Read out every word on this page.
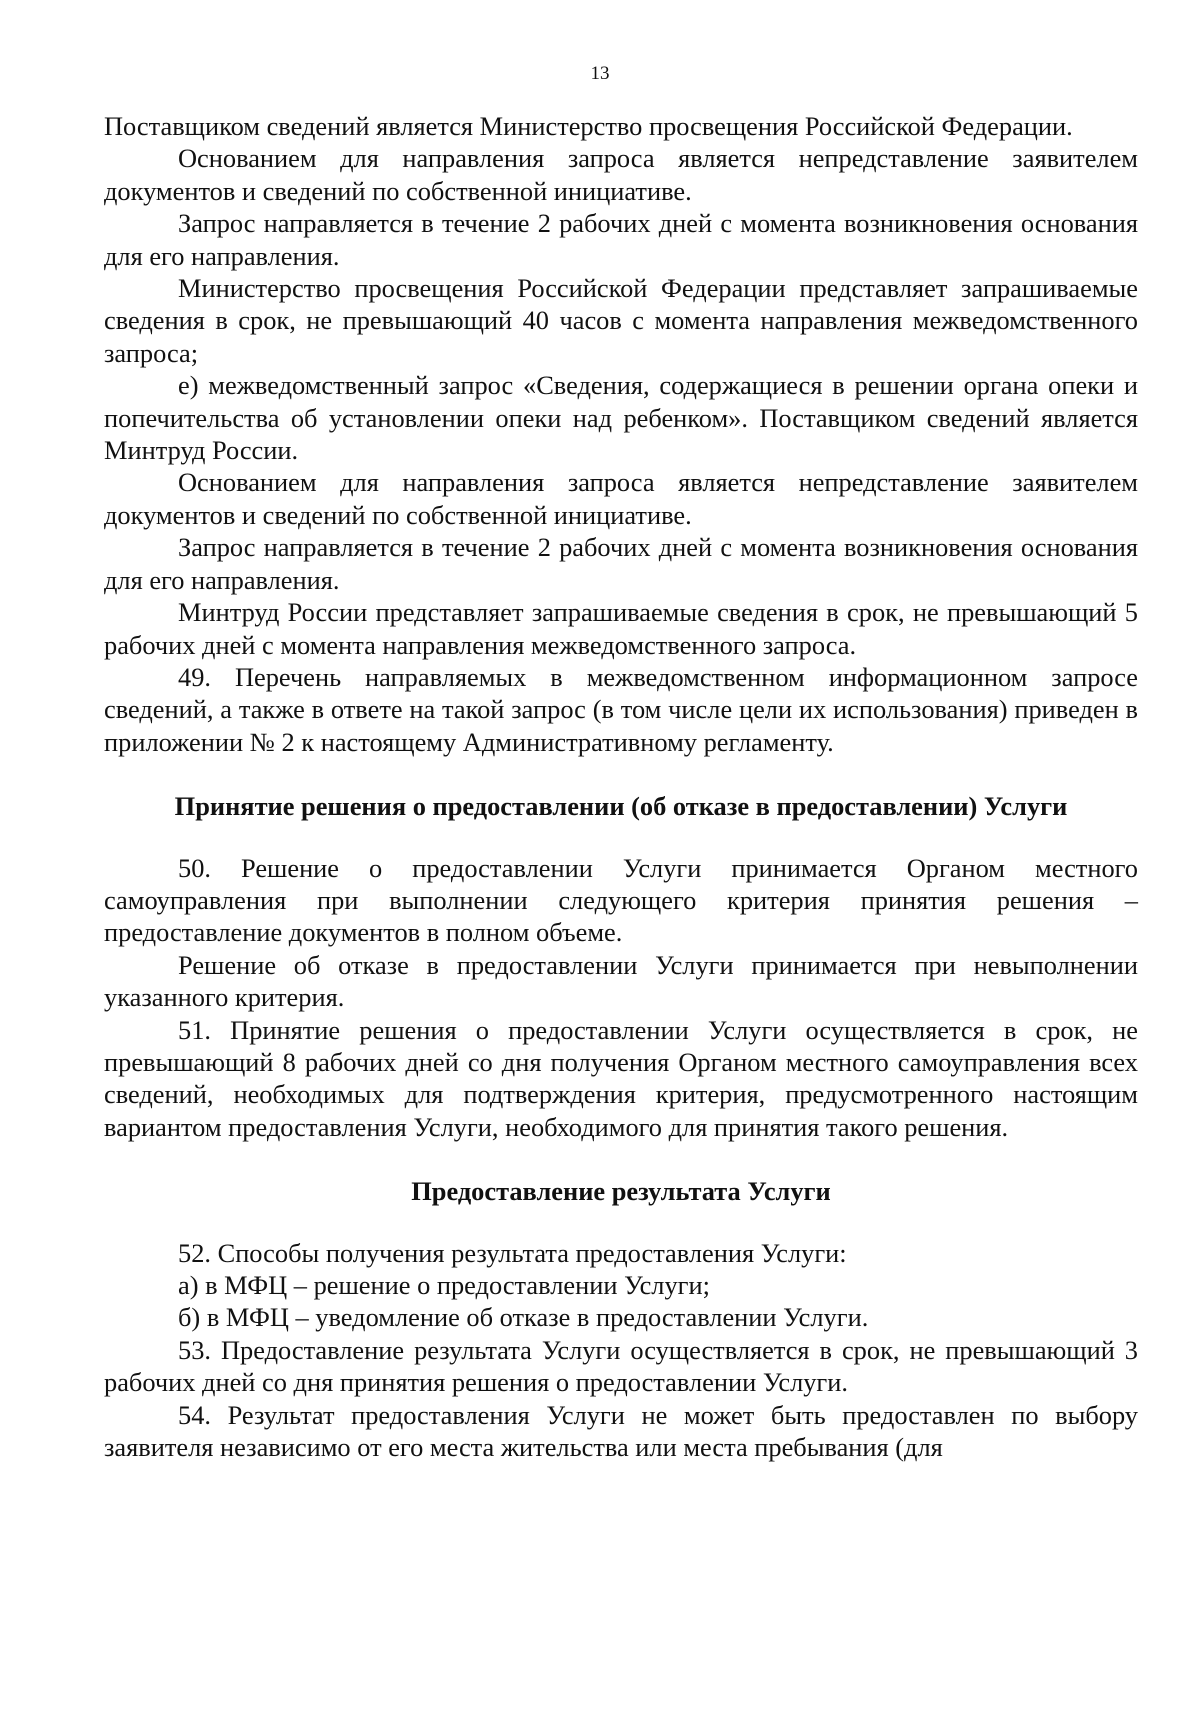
13

Поставщиком сведений является Министерство просвещения Российской Федерации.

Основанием для направления запроса является непредставление заявителем документов и сведений по собственной инициативе.

Запрос направляется в течение 2 рабочих дней с момента возникновения основания для его направления.

Министерство просвещения Российской Федерации представляет запрашиваемые сведения в срок, не превышающий 40 часов с момента направления межведомственного запроса;

е) межведомственный запрос «Сведения, содержащиеся в решении органа опеки и попечительства об установлении опеки над ребенком». Поставщиком сведений является Минтруд России.

Основанием для направления запроса является непредставление заявителем документов и сведений по собственной инициативе.

Запрос направляется в течение 2 рабочих дней с момента возникновения основания для его направления.

Минтруд России представляет запрашиваемые сведения в срок, не превышающий 5 рабочих дней с момента направления межведомственного запроса.

49. Перечень направляемых в межведомственном информационном запросе сведений, а также в ответе на такой запрос (в том числе цели их использования) приведен в приложении № 2 к настоящему Административному регламенту.

Принятие решения о предоставлении (об отказе в предоставлении) Услуги

50. Решение о предоставлении Услуги принимается Органом местного самоуправления при выполнении следующего критерия принятия решения – предоставление документов в полном объеме.

Решение об отказе в предоставлении Услуги принимается при невыполнении указанного критерия.

51. Принятие решения о предоставлении Услуги осуществляется в срок, не превышающий 8 рабочих дней со дня получения Органом местного самоуправления всех сведений, необходимых для подтверждения критерия, предусмотренного настоящим вариантом предоставления Услуги, необходимого для принятия такого решения.

Предоставление результата Услуги

52. Способы получения результата предоставления Услуги:

а) в МФЦ – решение о предоставлении Услуги;

б) в МФЦ – уведомление об отказе в предоставлении Услуги.

53. Предоставление результата Услуги осуществляется в срок, не превышающий 3 рабочих дней со дня принятия решения о предоставлении Услуги.

54. Результат предоставления Услуги не может быть предоставлен по выбору заявителя независимо от его места жительства или места пребывания (для
